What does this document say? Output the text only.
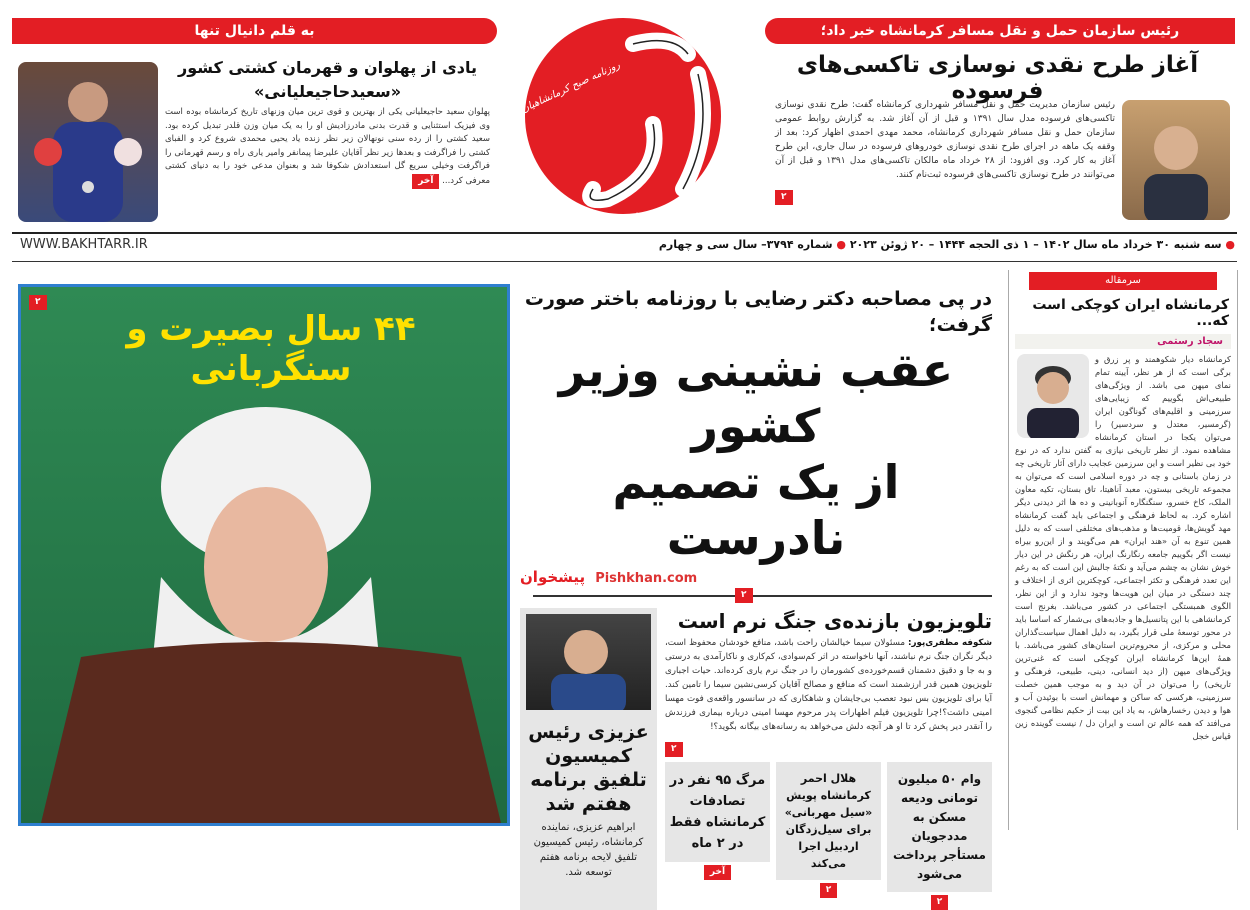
رئیس سازمان حمل و نقل مسافر کرمانشاه خبر داد؛
آغاز طرح نقدی نوسازی تاکسی‌های فرسوده
رئیس سازمان مدیریت حمل و نقل مسافر شهرداری کرمانشاه گفت: طرح نقدی نوسازی تاکسی‌های فرسوده مدل سال ۱۳۹۱ و قبل از آن آغاز شد. به گزارش روابط عمومی سازمان حمل و نقل مسافر شهرداری کرمانشاه، محمد مهدی احمدی اظهار کرد: بعد از وقفه یک ماهه در اجرای طرح نقدی نوسازی خودروهای فرسوده در سال جاری، این طرح آغاز به کار کرد. وی افزود: از ۲۸ خرداد ماه مالکان تاکسی‌های مدل ۱۳۹۱ و قبل از آن می‌توانند در طرح نوسازی تاکسی‌های فرسوده ثبت‌نام کنند.
۲
روزنامه صبح کرمانشاهیان
۴ صفحه – ۳۰۰۰ تومان
به قلم دانیال تنها
یادی از پهلوان و قهرمان کشتی کشور
«سعیدحاجیعلیانی»
پهلوان سعید حاجیعلیانی یکی از بهترین و قوی ترین میان وزنهای تاریخ کرمانشاه بوده است وی فیزیک استثنایی و قدرت بدنی مادرزادیش او را به یک میان وزن قلدر تبدیل کرده بود. سعید کشتی را از رده سنی نونهالان زیر نظر زنده یاد یحیی محمدی شروع کرد و الفبای کشتی را فراگرفت و بعدها زیر نظر آقایان علیرضا پیمانفر وامیر یاری راه و رسم قهرمانی را فراگرفت وخیلی سریع گل استعدادش شکوفا شد و بعنوان مدعی خود را به دنیای کشتی معرفی کرد... آخر
● سه شنبه ۳۰ خرداد ماه سال ۱۴۰۲ – ۱ ذی الحجه ۱۴۴۴ – ۲۰ ژوئن ۲۰۲۳ ● شماره ۳۷۹۴– سال سی و چهارم
WWW.BAKHTARR.IR
۲
۴۴ سال بصیرت و سنگربانی
در پی مصاحبه دکتر رضایی با روزنامه باختر صورت گرفت؛
عقب نشینی وزیر کشور
از یک تصمیم نادرست
پیشخوان Pishkhan.com
۲
تلویزیون بازنده‌ی جنگ نرم است
شکوفه مظفری‌پور: مسئولان سیما خیالشان راحت باشد، منافع خودشان محفوظ است، دیگر نگران جنگ نرم نباشند، آنها ناخواسته در اثر کم‌سوادی، کم‌کاری و ناکارآمدی به درستی و به جا و دقیق دشمنان قسم‌خورده‌ی کشورمان را در جنگ نرم یاری کرده‌اند. حیات اجباری تلویزیون همین قدر ارزشمند است که منافع و مصالح آقایان کرسی‌نشین سیما را تامین کند. آیا برای تلویزیون بس نبود تعصب بی‌جایشان و شاهکاری که در سانسور واقعه‌ی فوت مهسا امینی داشت؟!چرا تلویزیون فیلم اظهارات پدر مرحوم مهسا امینی درباره بیماری فرزندش را آنقدر دیر پخش کرد تا او هر آنچه دلش می‌خواهد به رسانه‌های بیگانه بگوید؟!
۲
وام ۵۰ میلیون تومانی ودیعه مسکن به مددجویان مستأجر پرداخت می‌شود
۲
هلال احمر کرمانشاه پویش «سیل مهربانی» برای سیل‌زدگان اردبیل اجرا می‌کند
۲
مرگ ۹۵ نفر در تصادفات کرمانشاه فقط در ۲ ماه
آخر
عزیزی رئیس کمیسیون تلفیق برنامه هفتم شد
ابراهیم عزیزی، نماینده کرمانشاه، رئیس کمیسیون تلفیق لایحه برنامه هفتم توسعه شد.
سرمقاله
کرمانشاه ایران کوچکی است که...
سجاد رستمی
کرمانشاه دیار شکوهمند و پر زرق و برگی است که از هر نظر، آیینه تمام نمای میهن می باشد. از ویژگی‌های طبیعی‌اش بگوییم که زیبایی‌های سرزمینی و اقلیم‌های گوناگون ایران (گرمسیر، معتدل و سردسیر) را می‌توان یکجا در استان کرمانشاه مشاهده نمود. از نظر تاریخی نیازی به گفتن ندارد که در نوع خود بی نظیر است و این سرزمین عجایب دارای آثار تاریخی چه در زمان باستانی و چه در دوره اسلامی است که می‌توان به مجموعه تاریخی بیستون، معبد آناهیتا، تاق بستان، تکیه معاون الملک، کاخ خسرو، سنگنگاره آنوبانینی و ده ها اثر دیدنی دیگر اشاره کرد. به لحاظ فرهنگی و اجتماعی باید گفت کرمانشاه مهد گویش‌ها، قومیت‌ها و مذهب‌های مختلفی است که به دلیل همین تنوع به آن «هند ایران» هم می‌گویند و از این‌رو بیراه نیست اگر بگوییم جامعه رنگارنگ ایران، هر رنگش در این دیار خوش نشان به چشم می‌آید و نکتهٔ جالبش این است که به رغم این تعدد فرهنگی و تکثر اجتماعی، کوچکترین اثری از اختلاف و چند دستگی در میان این هویت‌ها وجود ندارد و از این نظر، الگوی همبستگی اجتماعی در کشور می‌باشد. بغرنج است کرمانشاهی با این پتانسیل‌ها و جاذبه‌های بی‌شمار که اساسا باید در محور توسعهٔ ملی قرار بگیرد، به دلیل اهمال سیاست‌گذاران محلی و مرکزی، از محروم‌ترین استان‌های کشور می‌باشد. با همهٔ این‌ها کرمانشاه ایران کوچکی است که غنی‌ترین ویژگی‌های میهن (از دید انسانی، دینی، طبیعی، فرهنگی و تاریخی) را می‌توان در آن دید و به موجب همین خصلت سرزمینی، هرکسی که ساکن و مهمانش است با بوئیدن آب و هوا و دیدن رخسارهاش، به یاد این بیت از حکیم نظامی گنجوی می‌افتد که همه عالم تن است و ایران دل / نیست گوینده زین قیاس خجل
